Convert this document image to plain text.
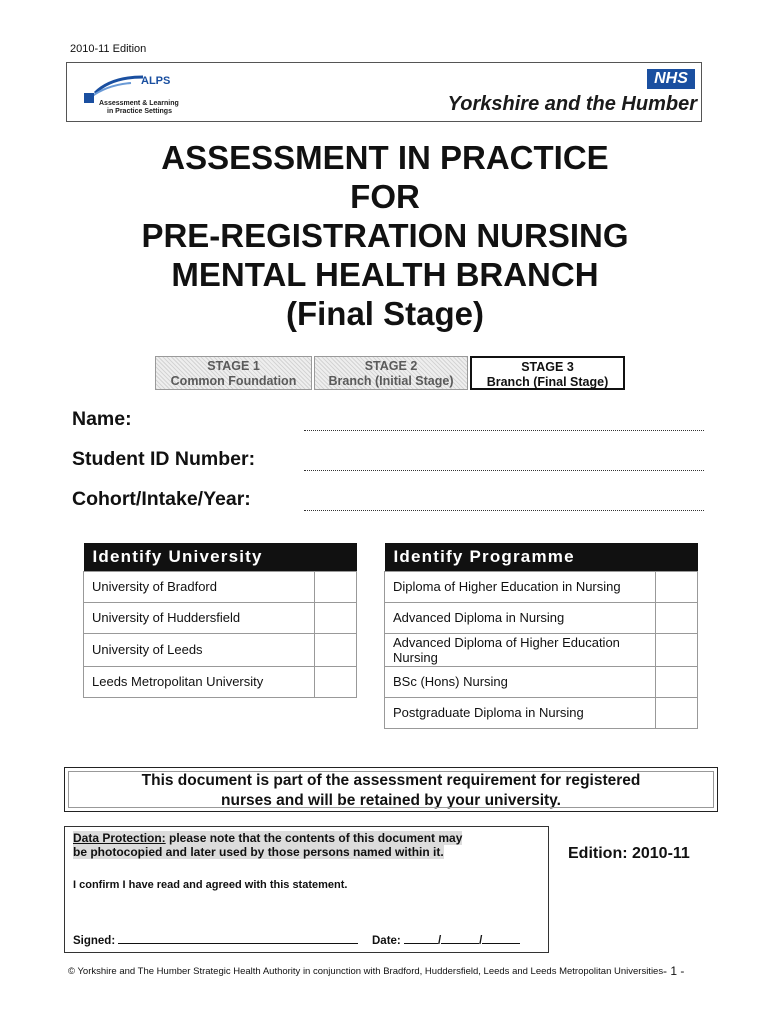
2010-11 Edition
ALPS
Assessment & Learning
in Practice Settings
NHS
Yorkshire and the Humber
ASSESSMENT IN PRACTICE
FOR
PRE-REGISTRATION NURSING
MENTAL HEALTH BRANCH
(Final Stage)
STAGE 1
Common Foundation
STAGE 2
Branch (Initial Stage)
STAGE 3
Branch (Final Stage)
Name:
Student ID Number:
Cohort/Intake/Year:
Identify University	
University of Bradford	
University of Huddersfield	
University of Leeds	
Leeds Metropolitan University	
Identify Programme	
Diploma of Higher Education in Nursing	
Advanced Diploma in Nursing	
Advanced Diploma of Higher Education Nursing	
BSc (Hons) Nursing	
Postgraduate Diploma in Nursing	
This document is part of the assessment requirement for registered
nurses and will be retained by your university.
Data Protection: please note that the contents of this document may
be photocopied and later used by those persons named within it.
I confirm I have read and agreed with this statement.
Signed:	Date:	/	/
Edition: 2010-11
© Yorkshire and The Humber Strategic Health Authority in conjunction with Bradford, Huddersfield, Leeds and Leeds Metropolitan Universities - 1 -
